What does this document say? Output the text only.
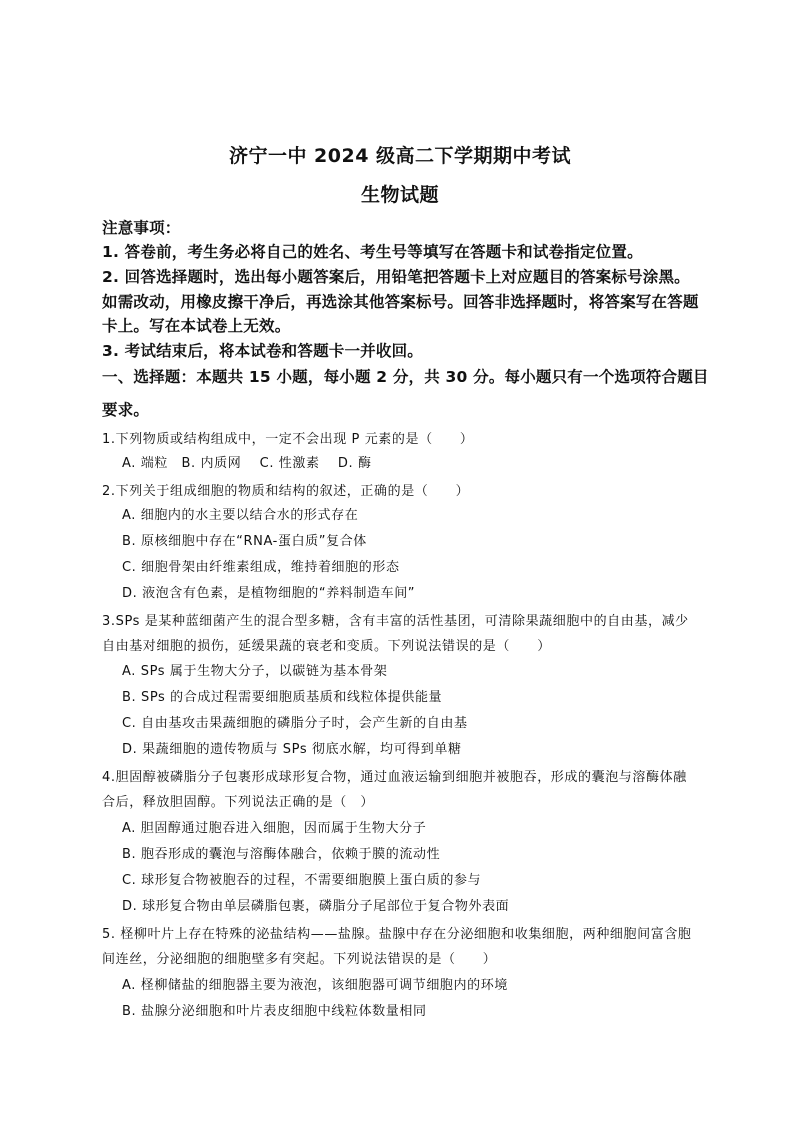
济宁一中 2024 级高二下学期期中考试
生物试题
注意事项：
1. 答卷前，考生务必将自己的姓名、考生号等填写在答题卡和试卷指定位置。
2. 回答选择题时，选出每小题答案后，用铅笔把答题卡上对应题目的答案标号涂黑。
如需改动，用橡皮擦干净后，再选涂其他答案标号。回答非选择题时，将答案写在答题
卡上。写在本试卷上无效。
3. 考试结束后，将本试卷和答题卡一并收回。
一、选择题：本题共 15 小题，每小题 2 分，共 30 分。每小题只有一个选项符合题目
要求。
1.下列物质或结构组成中，一定不会出现 P 元素的是（　　）
A. 端粒　B. 内质网　 C. 性激素　 D. 酶
2.下列关于组成细胞的物质和结构的叙述，正确的是（　　）
A. 细胞内的水主要以结合水的形式存在
B. 原核细胞中存在“RNA-蛋白质”复合体
C. 细胞骨架由纤维素组成，维持着细胞的形态
D. 液泡含有色素，是植物细胞的“养料制造车间”
3.SPs 是某种蓝细菌产生的混合型多糖，含有丰富的活性基团，可清除果蔬细胞中的自由基，减少
自由基对细胞的损伤，延缓果蔬的衰老和变质。下列说法错误的是（　　）
A. SPs 属于生物大分子，以碳链为基本骨架
B. SPs 的合成过程需要细胞质基质和线粒体提供能量
C. 自由基攻击果蔬细胞的磷脂分子时，会产生新的自由基
D. 果蔬细胞的遗传物质与 SPs 彻底水解，均可得到单糖
4.胆固醇被磷脂分子包裹形成球形复合物，通过血液运输到细胞并被胞吞，形成的囊泡与溶酶体融
合后，释放胆固醇。下列说法正确的是（　）
A. 胆固醇通过胞吞进入细胞，因而属于生物大分子
B. 胞吞形成的囊泡与溶酶体融合，依赖于膜的流动性
C. 球形复合物被胞吞的过程，不需要细胞膜上蛋白质的参与
D. 球形复合物由单层磷脂包裹，磷脂分子尾部位于复合物外表面
5. 柽柳叶片上存在特殊的泌盐结构——盐腺。盐腺中存在分泌细胞和收集细胞，两种细胞间富含胞
间连丝，分泌细胞的细胞壁多有突起。下列说法错误的是（　　）
A. 柽柳储盐的细胞器主要为液泡，该细胞器可调节细胞内的环境
B. 盐腺分泌细胞和叶片表皮细胞中线粒体数量相同
